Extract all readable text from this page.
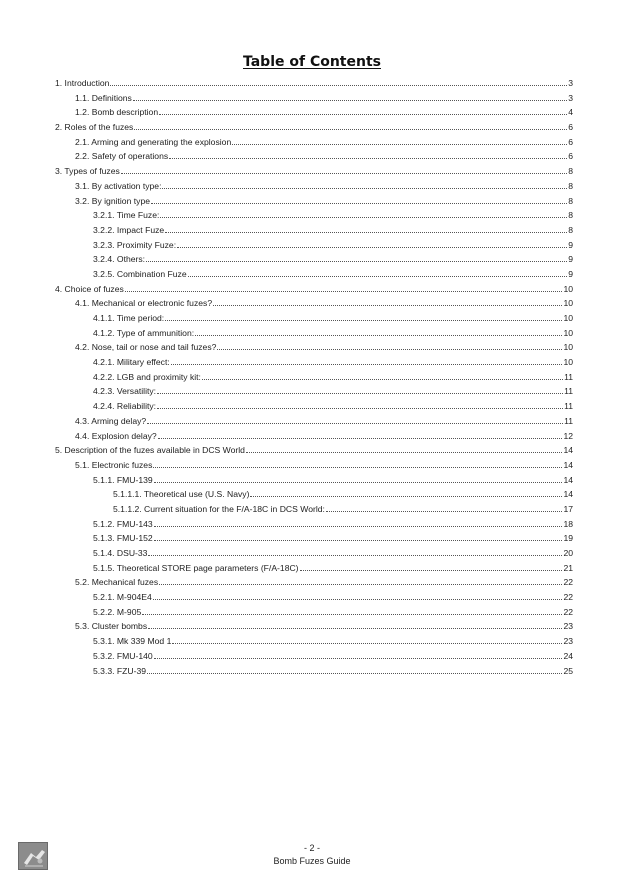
Table of Contents
1. Introduction	3
1.1. Definitions	3
1.2. Bomb description	4
2. Roles of the fuzes	6
2.1. Arming and generating the explosion	6
2.2. Safety of operations	6
3. Types of fuzes	8
3.1. By activation type:	8
3.2. By ignition type	8
3.2.1. Time Fuze:	8
3.2.2. Impact Fuze	8
3.2.3. Proximity Fuze:	9
3.2.4. Others:	9
3.2.5. Combination Fuze	9
4. Choice of fuzes	10
4.1. Mechanical or electronic fuzes?	10
4.1.1. Time period:	10
4.1.2. Type of ammunition:	10
4.2. Nose, tail or nose and tail fuzes?	10
4.2.1. Military effect:	10
4.2.2. LGB and proximity kit:	11
4.2.3. Versatility:	11
4.2.4. Reliability:	11
4.3. Arming delay?	11
4.4. Explosion delay?	12
5. Description of the fuzes available in DCS World	14
5.1. Electronic fuzes	14
5.1.1. FMU-139	14
5.1.1.1. Theoretical use (U.S. Navy)	14
5.1.1.2. Current situation for the F/A-18C in DCS World:	17
5.1.2. FMU-143	18
5.1.3. FMU-152	19
5.1.4. DSU-33	20
5.1.5. Theoretical STORE page parameters (F/A-18C)	21
5.2. Mechanical fuzes	22
5.2.1. M-904E4	22
5.2.2. M-905	22
5.3. Cluster bombs	23
5.3.1. Mk 339 Mod 1	23
5.3.2. FMU-140	24
5.3.3. FZU-39	25
- 2 -
Bomb Fuzes Guide
